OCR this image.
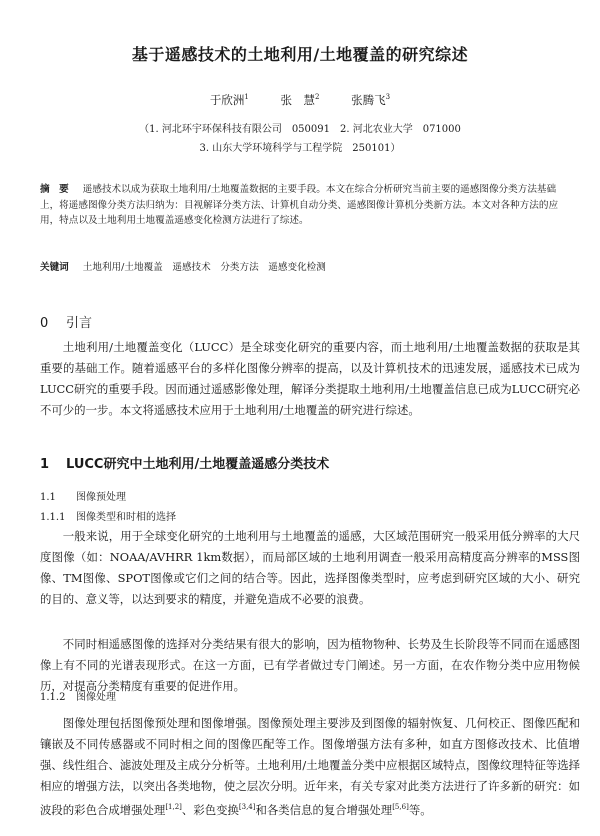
基于遥感技术的土地利用/土地覆盖的研究综述
于欣洲$^1$	张　慧$^2$	张腾飞$^3$
（1. 河北环宇环保科技有限公司　050091　2. 河北农业大学　071000
3. 山东大学环境科学与工程学院　250101）
摘　要 遥感技术以成为获取土地利用/土地覆盖数据的主要手段。本文在综合分析研究当前主要的遥感图像分类方法基础上，将遥感图像分类方法归纳为：目视解译分类方法、计算机自动分类、遥感图像计算机分类新方法。本文对各种方法的应用，特点以及土地利用土地覆盖遥感变化检测方法进行了综述。
关键词 土地利用/土地覆盖　遥感技术　分类方法　遥感变化检测
0 引言
土地利用/土地覆盖变化（LUCC）是全球变化研究的重要内容，而土地利用/土地覆盖数据的获取是其重要的基础工作。随着遥感平台的多样化图像分辨率的提高，以及计算机技术的迅速发展，遥感技术已成为LUCC研究的重要手段。因而通过遥感影像处理，解译分类提取土地利用/土地覆盖信息已成为LUCC研究必不可少的一步。本文将遥感技术应用于土地利用/土地覆盖的研究进行综述。
1 LUCC研究中土地利用/土地覆盖遥感分类技术
1.1 图像预处理
1.1.1 图像类型和时相的选择
一般来说，用于全球变化研究的土地利用与土地覆盖的遥感，大区域范围研究一般采用低分辨率的大尺度图像（如：NOAA/AVHRR 1km数据），而局部区域的土地利用调查一般采用高精度高分辨率的MSS图像、TM图像、SPOT图像或它们之间的结合等。因此，选择图像类型时，应考虑到研究区域的大小、研究的目的、意义等，以达到要求的精度，并避免造成不必要的浪费。
不同时相遥感图像的选择对分类结果有很大的影响，因为植物物种、长势及生长阶段等不同而在遥感图像上有不同的光谱表现形式。在这一方面，已有学者做过专门阐述。另一方面，在农作物分类中应用物候历，对提高分类精度有重要的促进作用。
1.1.2 图像处理
图像处理包括图像预处理和图像增强。图像预处理主要涉及到图像的辐射恢复、几何校正、图像匹配和镶嵌及不同传感器或不同时相之间的图像匹配等工作。图像增强方法有多种，如直方图修改技术、比值增强、线性组合、滤波处理及主成分分析等。土地利用/土地覆盖分类中应根据区域特点，图像纹理特征等选择相应的增强方法，以突出各类地物，使之层次分明。近年来，有关专家对此类方法进行了许多新的研究：如波段的彩色合成增强处理[1,2]、彩色变换[3,4]和各类信息的复合增强处理[5,6]等。
